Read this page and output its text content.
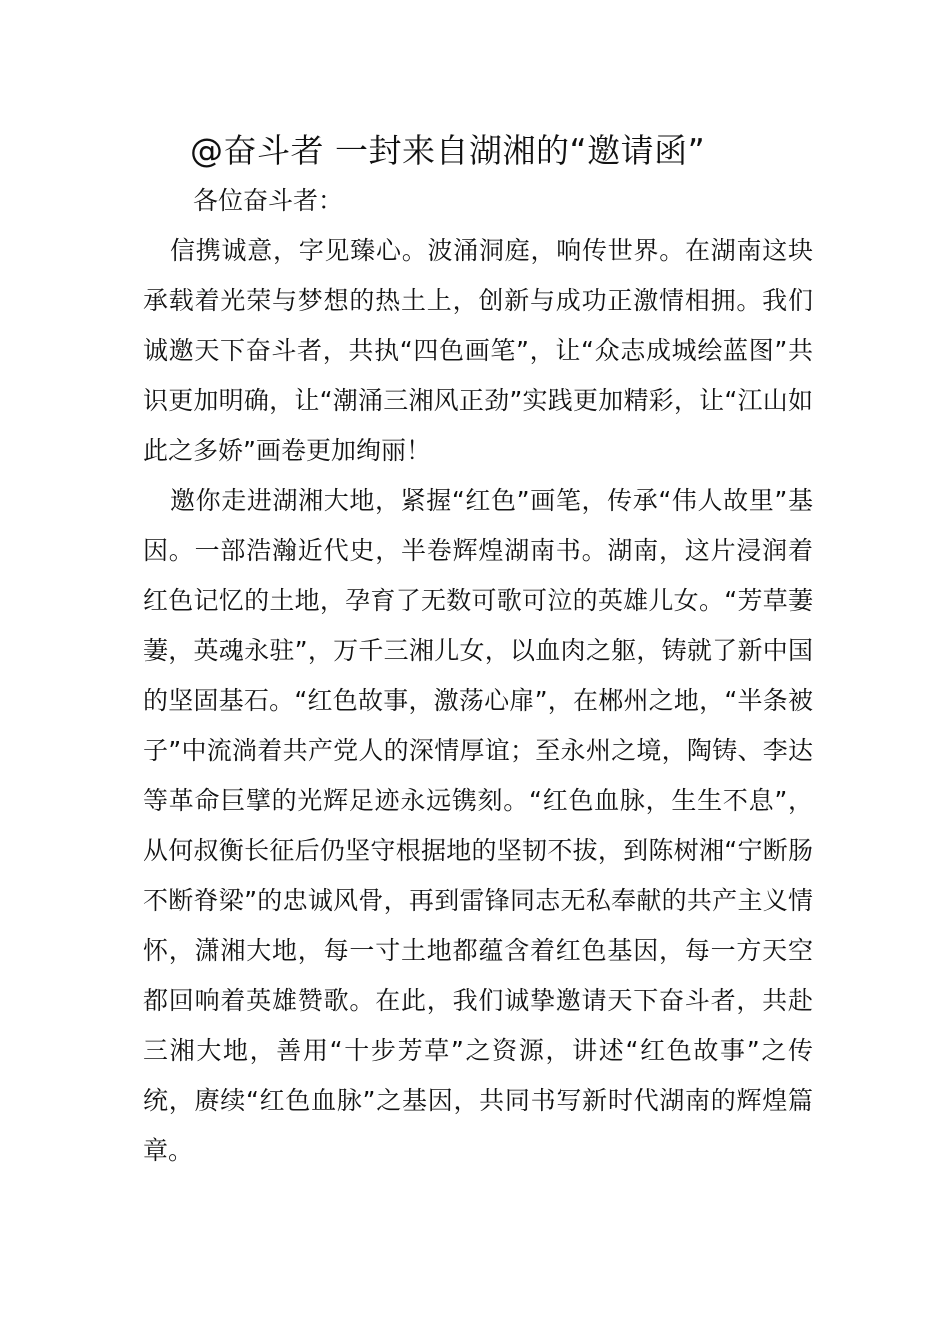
@奋斗者 一封来自湖湘的“邀请函”
各位奋斗者：

信携诚意，字见臻心。波涌洞庭，响传世界。在湖南这块承载着光荣与梦想的热土上，创新与成功正激情相拥。我们诚邀天下奋斗者，共执“四色画笔”，让“众志成城绘蓝图”共识更加明确，让“潮涌三湘风正劲”实践更加精彩，让“江山如此之多娇”画卷更加绚丽！

邀你走进湖湘大地，紧握“红色”画笔，传承“伟人故里”基因。一部浩瀚近代史，半卷辉煌湖南书。湖南，这片浸润着红色记忆的土地，孕育了无数可歌可泣的英雄儿女。“芳草萋萋，英魂永驻”，万千三湘儿女，以血肉之躯，铸就了新中国的坚固基石。“红色故事，激荡心扉”，在郴州之地，“半条被子”中流淌着共产党人的深情厚谊；至永州之境，陶铸、李达等革命巨擘的光辉足迹永远镌刻。“红色血脉，生生不息”，从何叔衡长征后仍坚守根据地的坚韧不拔，到陈树湘“宁断肠不断脊梁”的忠诚风骨，再到雷锋同志无私奉献的共产主义情怀，潇湘大地，每一寸土地都蕴含着红色基因，每一方天空都回响着英雄赞歌。在此，我们诚挚邀请天下奋斗者，共赴三湘大地，善用“十步芳草”之资源，讲述“红色故事”之传统，赓续“红色血脉”之基因，共同书写新时代湖南的辉煌篇章。
